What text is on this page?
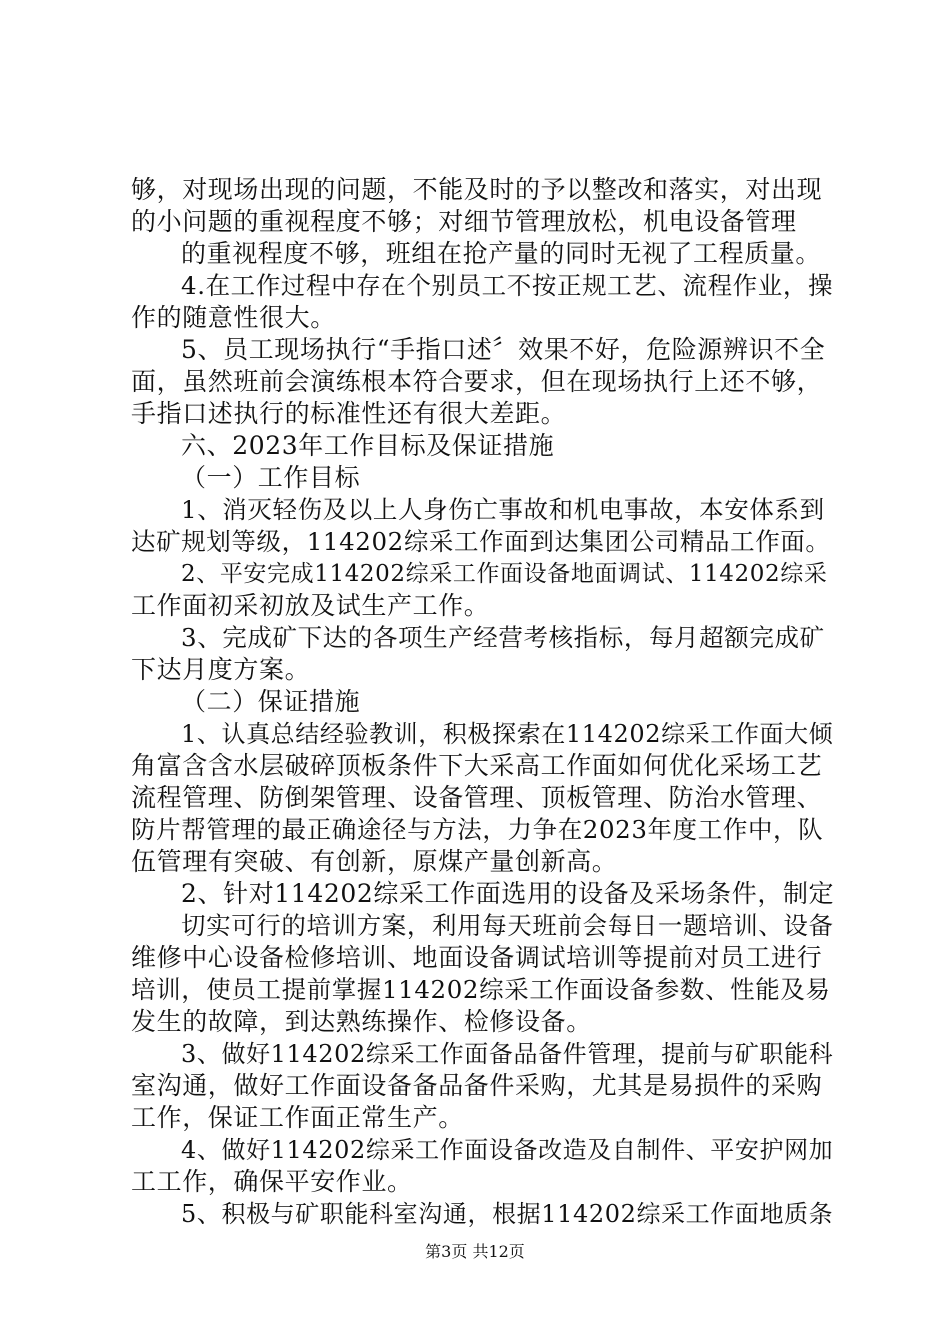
够，对现场出现的问题，不能及时的予以整改和落实，对出现
的小问题的重视程度不够；对细节管理放松，机电设备管理
的重视程度不够，班组在抢产量的同时无视了工程质量。
4.在工作过程中存在个别员工不按正规工艺、流程作业，操
作的随意性很大。
5、员工现场执行“手指口述〞效果不好，危险源辨识不全
面，虽然班前会演练根本符合要求，但在现场执行上还不够，
手指口述执行的标准性还有很大差距。
六、2023年工作目标及保证措施
（一）工作目标
1、消灭轻伤及以上人身伤亡事故和机电事故，本安体系到
达矿规划等级，114202综采工作面到达集团公司精品工作面。
2、平安完成114202综采工作面设备地面调试、114202综采
工作面初采初放及试生产工作。
3、完成矿下达的各项生产经营考核指标，每月超额完成矿
下达月度方案。
（二）保证措施
1、认真总结经验教训，积极探索在114202综采工作面大倾
角富含含水层破碎顶板条件下大采高工作面如何优化采场工艺
流程管理、防倒架管理、设备管理、顶板管理、防治水管理、
防片帮管理的最正确途径与方法，力争在2023年度工作中，队
伍管理有突破、有创新，原煤产量创新高。
2、针对114202综采工作面选用的设备及采场条件，制定
切实可行的培训方案，利用每天班前会每日一题培训、设备
维修中心设备检修培训、地面设备调试培训等提前对员工进行
培训，使员工提前掌握114202综采工作面设备参数、性能及易
发生的故障，到达熟练操作、检修设备。
3、做好114202综采工作面备品备件管理，提前与矿职能科
室沟通，做好工作面设备备品备件采购，尤其是易损件的采购
工作，保证工作面正常生产。
4、做好114202综采工作面设备改造及自制件、平安护网加
工工作，确保平安作业。
5、积极与矿职能科室沟通，根据114202综采工作面地质条
第3页 共12页
